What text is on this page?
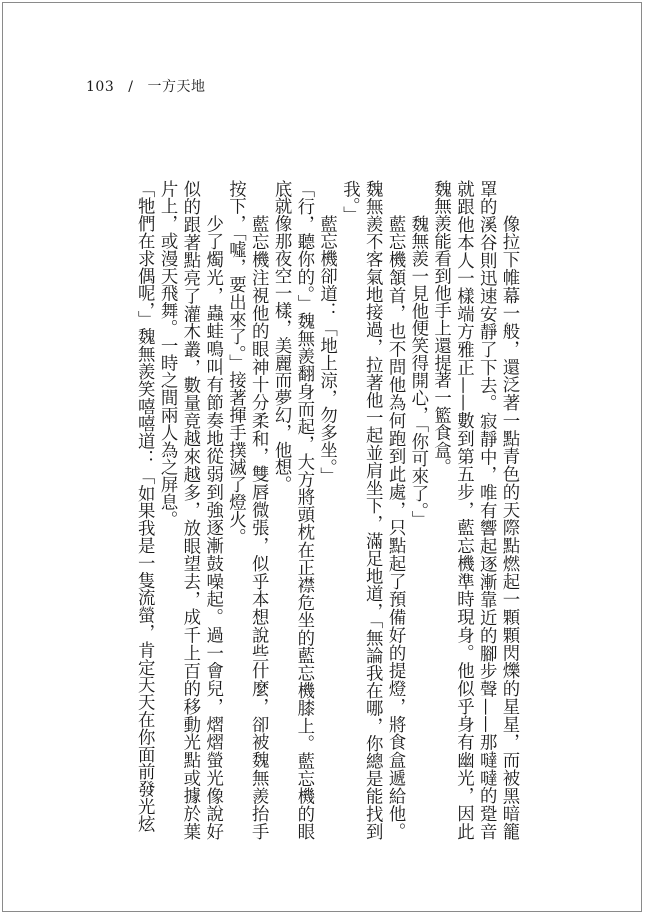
103 / 一方天地

像拉下帷幕一般，還泛著一點青色的天際點燃起一顆顆閃爍的星星，而被黑暗籠罩的溪谷則迅速安靜了下去。寂靜中，唯有響起逐漸靠近的腳步聲——那噠噠的跫音就跟他本人一樣端方雅正——數到第五步，藍忘機準時現身。他似乎身有幽光，因此魏無羨能看到他手上還提著一籃食盒。

魏無羨一見他便笑得開心，「你可來了。」

藍忘機頷首，也不問他為何跑到此處，只點起了預備好的提燈，將食盒遞給他。魏無羨不客氣地接過，拉著他一起並肩坐下，滿足地道，「無論我在哪，你總是能找到我。」

藍忘機卻道：「地上涼，勿多坐。」

「行，聽你的。」魏無羨翻身而起，大方將頭枕在正襟危坐的藍忘機膝上。藍忘機的眼底就像那夜空一樣，美麗而夢幻，他想。

藍忘機注視他的眼神十分柔和，雙唇微張，似乎本想說些什麼，卻被魏無羨抬手按下，「噓，要出來了。」接著揮手撲滅了燈火。

少了燭光，蟲蛙鳴叫有節奏地從弱到強逐漸鼓噪起。過一會兒，熠熠螢光像說好似的跟著點亮了灌木叢，數量竟越來越多，放眼望去，成千上百的移動光點或據於葉片上，或漫天飛舞。一時之間兩人為之屏息。

「牠們在求偶呢，」魏無羨笑嘻嘻道：「如果我是一隻流螢，肯定天天在你面前發光炫
